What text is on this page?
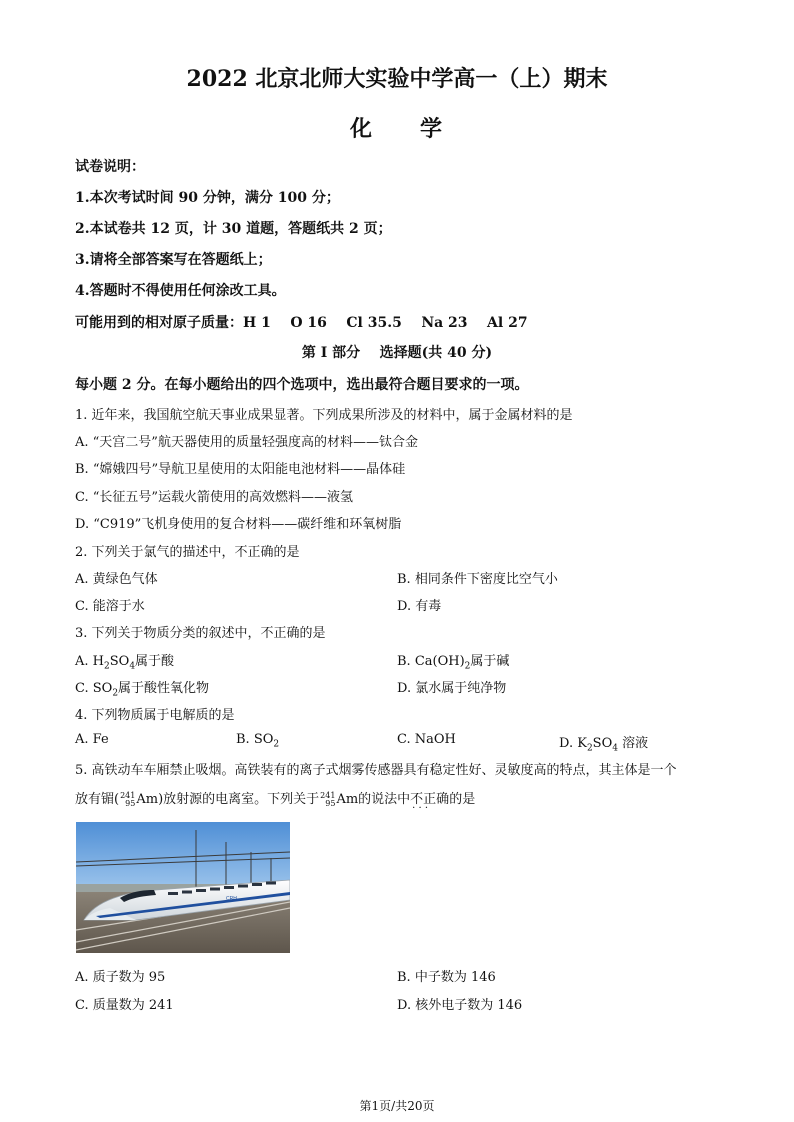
2022 北京北师大实验中学高一（上）期末
化 学
试卷说明：
1.本次考试时间 90 分钟，满分 100 分；
2.本试卷共 12 页，计 30 道题，答题纸共 2 页；
3.请将全部答案写在答题纸上；
4.答题时不得使用任何涂改工具。
可能用到的相对原子质量：H 1    O 16    Cl 35.5    Na 23    Al 27
第 I 部分    选择题(共 40 分)
每小题 2 分。在每小题给出的四个选项中，选出最符合题目要求的一项。
1. 近年来，我国航空航天事业成果显著。下列成果所涉及的材料中，属于金属材料的是
A. “天宫二号”航天器使用的质量轻强度高的材料——钛合金
B. “嫦娥四号”导航卫星使用的太阳能电池材料——晶体硅
C. “长征五号”运载火箭使用的高效燃料——液氢
D. “C919”飞机身使用的复合材料——碳纤维和环氧树脂
2. 下列关于氯气的描述中，不正确的是
A. 黄绿色气体	B. 相同条件下密度比空气小
C. 能溶于水	D. 有毒
3. 下列关于物质分类的叙述中，不正确的是
A. $H_2SO_4$属于酸	B. $Ca(OH)_2$属于碱
C. $SO_2$属于酸性氧化物	D. 氯水属于纯净物
4. 下列物质属于电解质的是
A. Fe	B. $SO_2$	C. NaOH	D. $K_2SO_4$ 溶液
5. 高铁动车车厢禁止吸烟。高铁装有的离子式烟雾传感器具有稳定性好、灵敏度高的特点，其主体是一个
放有镅( 241
95 Am)放射源的电离室。下列关于 241
95 Am的说法中不正确 · · ·的是
CRH
A. 质子数为 95	B. 中子数为 146
C. 质量数为 241	D. 核外电子数为 146
第1页/共20页
